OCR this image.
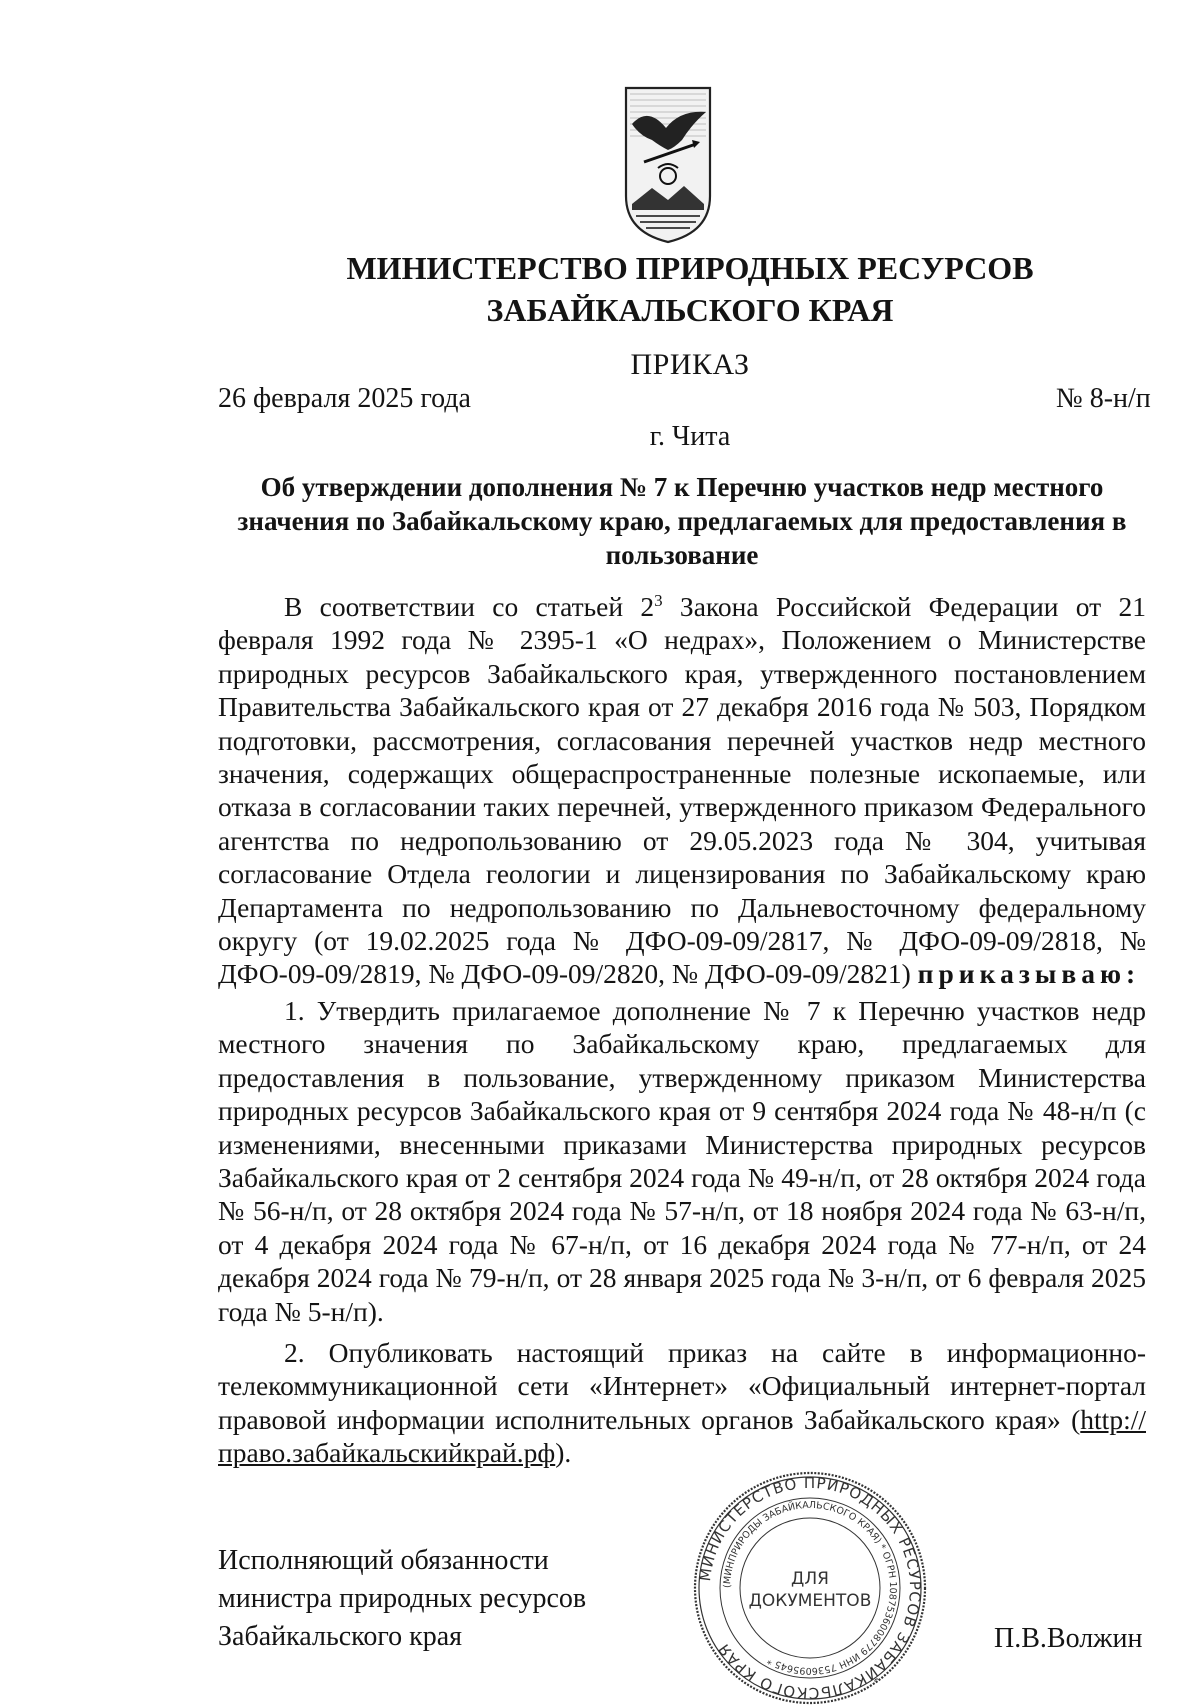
МИНИСТЕРСТВО ПРИРОДНЫХ РЕСУРСОВ
ЗАБАЙКАЛЬСКОГО КРАЯ
ПРИКАЗ
26 февраля 2025 года	№ 8-н/п
г. Чита

Об утверждении дополнения № 7 к Перечню участков недр местного значения по Забайкальскому краю, предлагаемых для предоставления в пользование

В соответствии со статьей $2^3$ Закона Российской Федерации от 21 февраля 1992 года № 2395-1 «О недрах», Положением о Министерстве природных ресурсов Забайкальского края, утвержденного постановлением Правительства Забайкальского края от 27 декабря 2016 года № 503, Порядком подготовки, рассмотрения, согласования перечней участков недр местного значения, содержащих общераспространенные полезные ископаемые, или отказа в согласовании таких перечней, утвержденного приказом Федерального агентства по недропользованию от 29.05.2023 года № 304, учитывая согласование Отдела геологии и лицензирования по Забайкальскому краю Департамента по недропользованию по Дальневосточному федеральному округу (от 19.02.2025 года № ДФО-09-09/2817, № ДФО-09-09/2818, № ДФО-09-09/2819, № ДФО-09-09/2820, № ДФО-09-09/2821) приказываю:

1. Утвердить прилагаемое дополнение № 7 к Перечню участков недр местного значения по Забайкальскому краю, предлагаемых для предоставления в пользование, утвержденному приказом Министерства природных ресурсов Забайкальского края от 9 сентября 2024 года № 48-н/п (с изменениями, внесенными приказами Министерства природных ресурсов Забайкальского края от 2 сентября 2024 года № 49-н/п, от 28 октября 2024 года № 56-н/п, от 28 октября 2024 года № 57-н/п, от 18 ноября 2024 года № 63-н/п, от 4 декабря 2024 года № 67-н/п, от 16 декабря 2024 года № 77-н/п, от 24 декабря 2024 года № 79-н/п, от 28 января 2025 года № 3-н/п, от 6 февраля 2025 года № 5-н/п).

2. Опубликовать настоящий приказ на сайте в информационно-телекоммуникационной сети «Интернет» «Официальный интернет-портал правовой информации исполнительных органов Забайкальского края» (http://право.забайкальскийкрай.рф).

Исполняющий обязанности
министра природных ресурсов
Забайкальского края	П.В.Волжин
МИНИСТЕРСТВО ПРИРОДНЫХ РЕСУРСОВ ЗАБАЙКАЛЬСКОГО КРАЯ
(МИНПРИРОДЫ ЗАБАЙКАЛЬСКОГО КРАЯ) * ОГРН 1087536008779 ИНН 7536095645 *
ДЛЯ
ДОКУМЕНТОВ
